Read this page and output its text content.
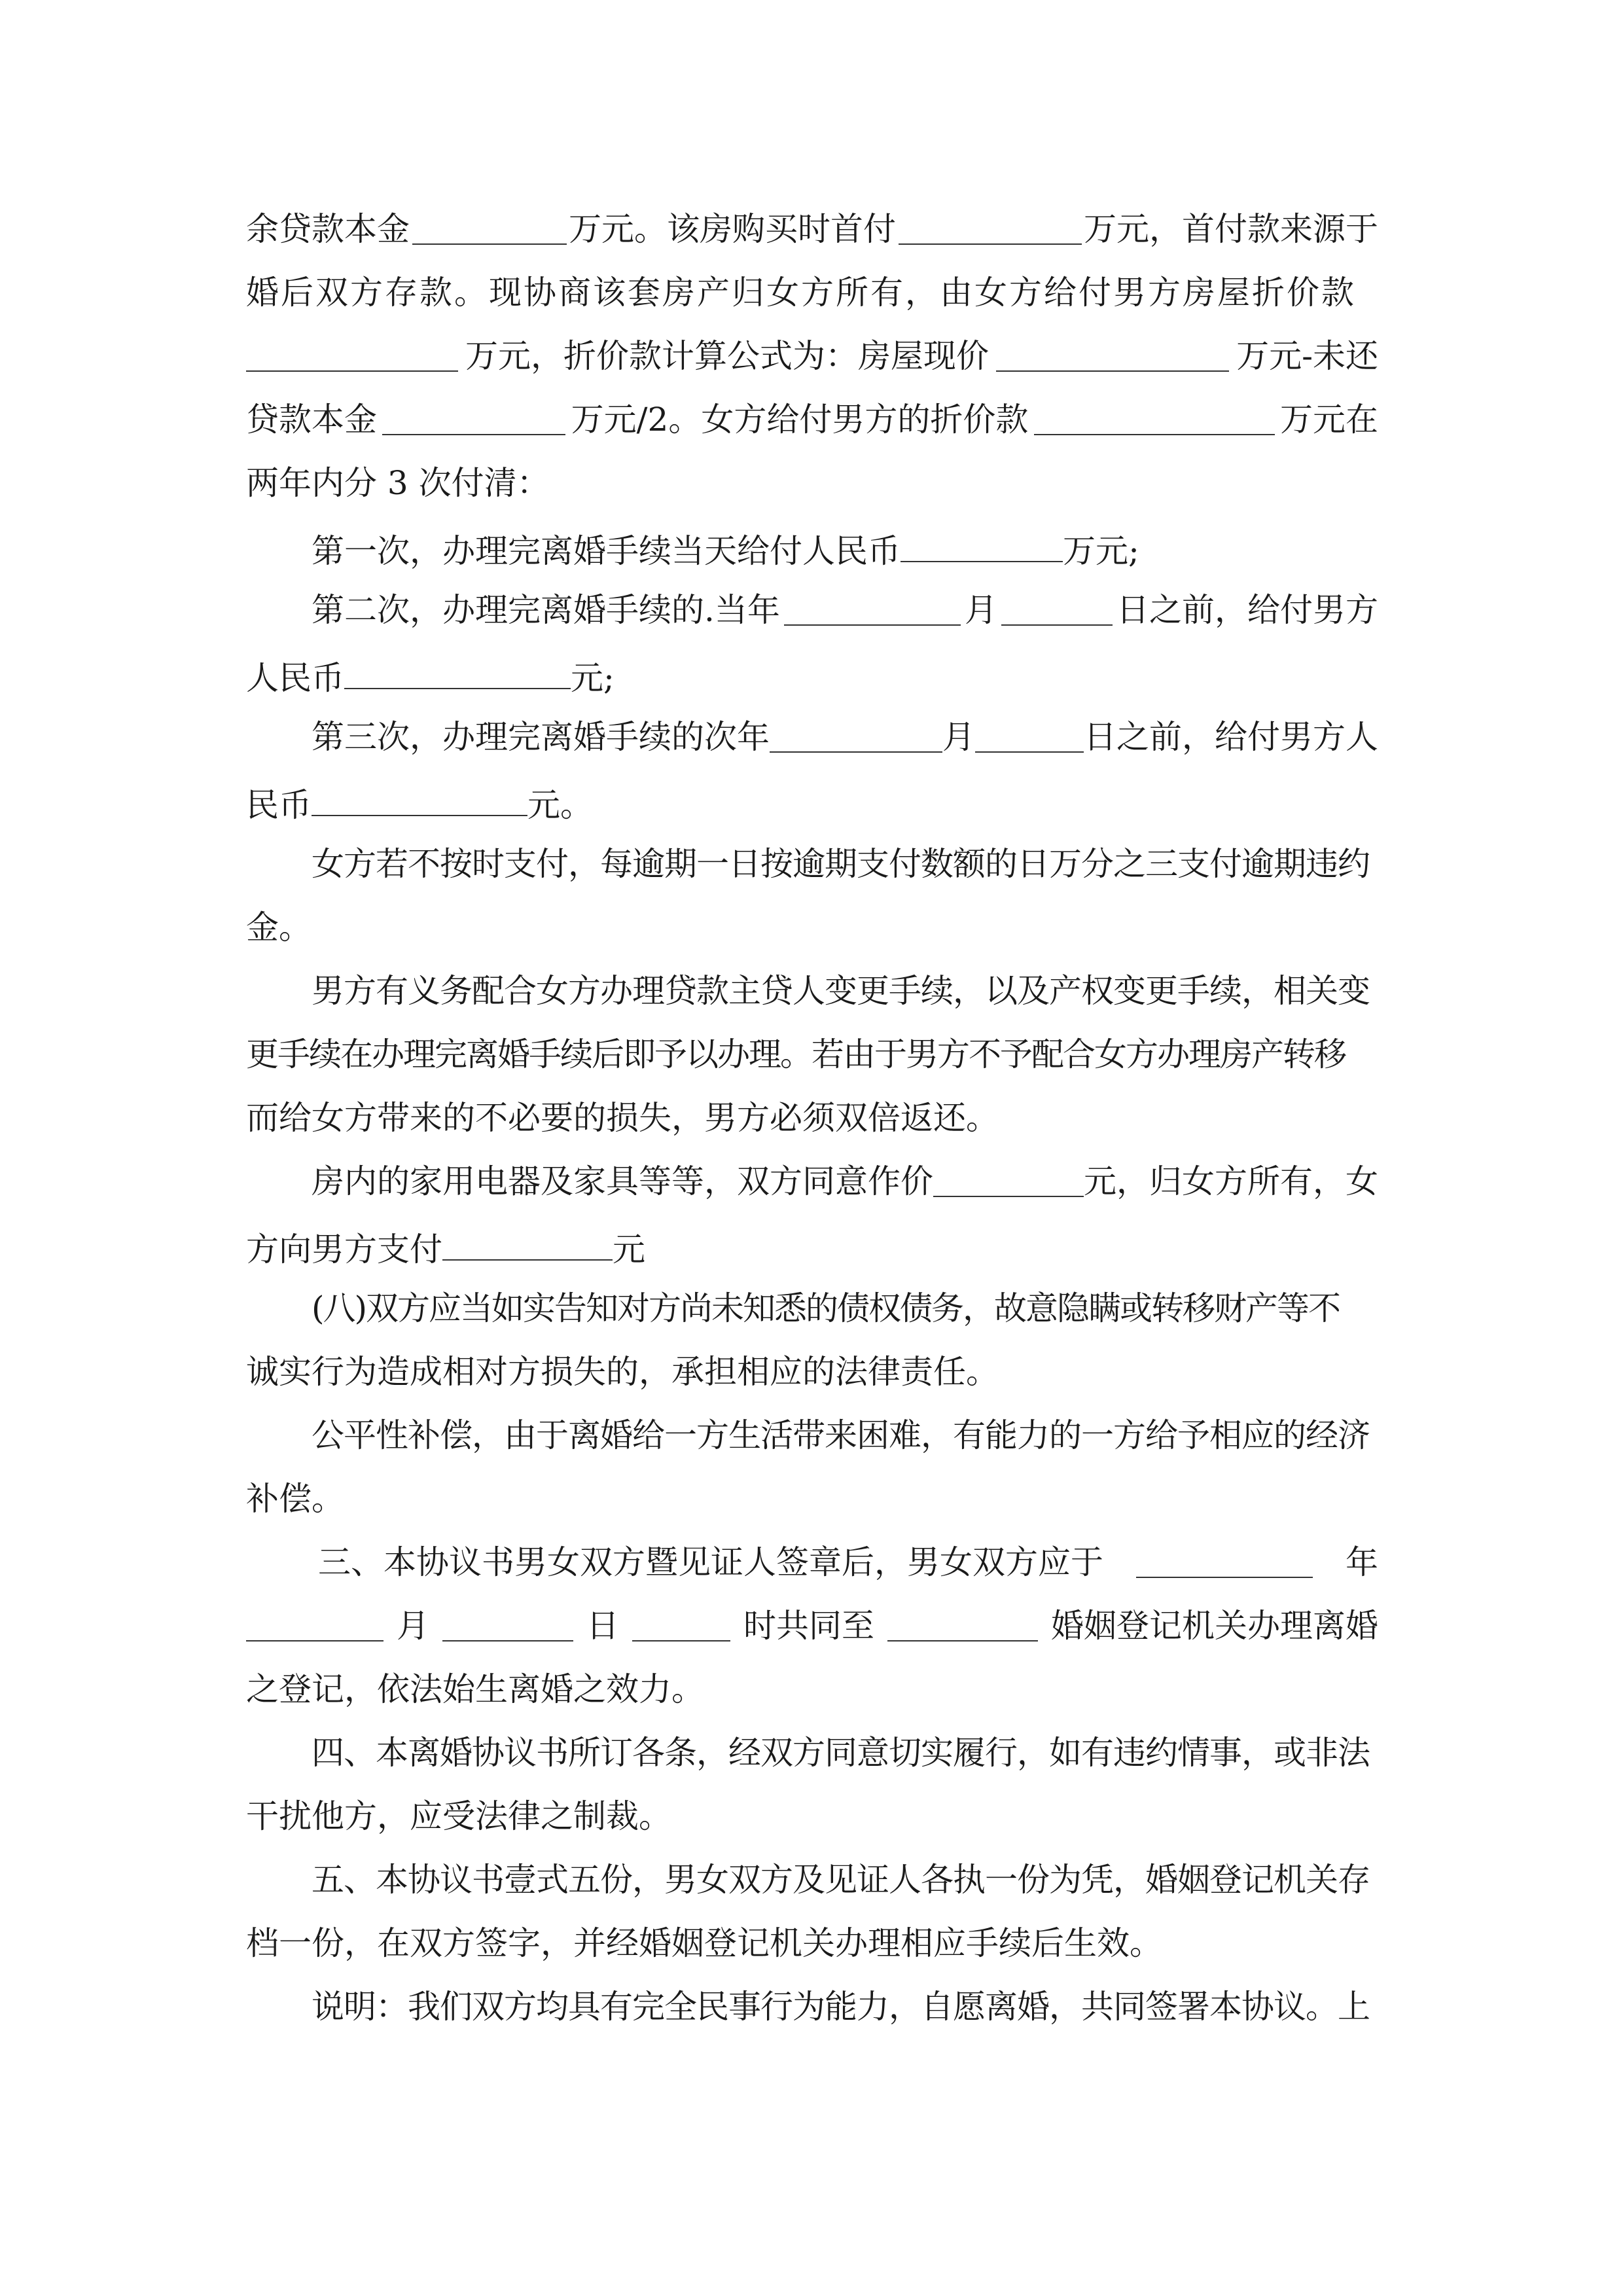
余贷款本金	万元。该房购买时首付	万元，首付款来源于
婚后双方存款。现协商该套房产归女方所有，由女方给付男方房屋折价款
万元，折价款计算公式为：房屋现价	万元-未还
贷款本金	万元/2。女方给付男方的折价款	万元在
两年内分 3 次付清：
第一次，办理完离婚手续当天给付人民币	万元;
第二次，办理完离婚手续的.当年	月	日之前，给付男方
人民币	元;
第三次，办理完离婚手续的次年	月	日之前，给付男方人
民币	元。
女方若不按时支付，每逾期一日按逾期支付数额的日万分之三支付逾期违约
金。
男方有义务配合女方办理贷款主贷人变更手续，以及产权变更手续，相关变
更手续在办理完离婚手续后即予以办理。若由于男方不予配合女方办理房产转移
而给女方带来的不必要的损失，男方必须双倍返还。
房内的家用电器及家具等等，双方同意作价	元，归女方所有，女
方向男方支付	元
(八)双方应当如实告知对方尚未知悉的债权债务，故意隐瞒或转移财产等不
诚实行为造成相对方损失的，承担相应的法律责任。
公平性补偿，由于离婚给一方生活带来困难，有能力的一方给予相应的经济
补偿。
三、本协议书男女双方暨见证人签章后，男女双方应于	年
月	日	时共同至	婚姻登记机关办理离婚
之登记，依法始生离婚之效力。
四、本离婚协议书所订各条，经双方同意切实履行，如有违约情事，或非法
干扰他方，应受法律之制裁。
五、本协议书壹式五份，男女双方及见证人各执一份为凭，婚姻登记机关存
档一份，在双方签字，并经婚姻登记机关办理相应手续后生效。
说明：我们双方均具有完全民事行为能力，自愿离婚，共同签署本协议。上
